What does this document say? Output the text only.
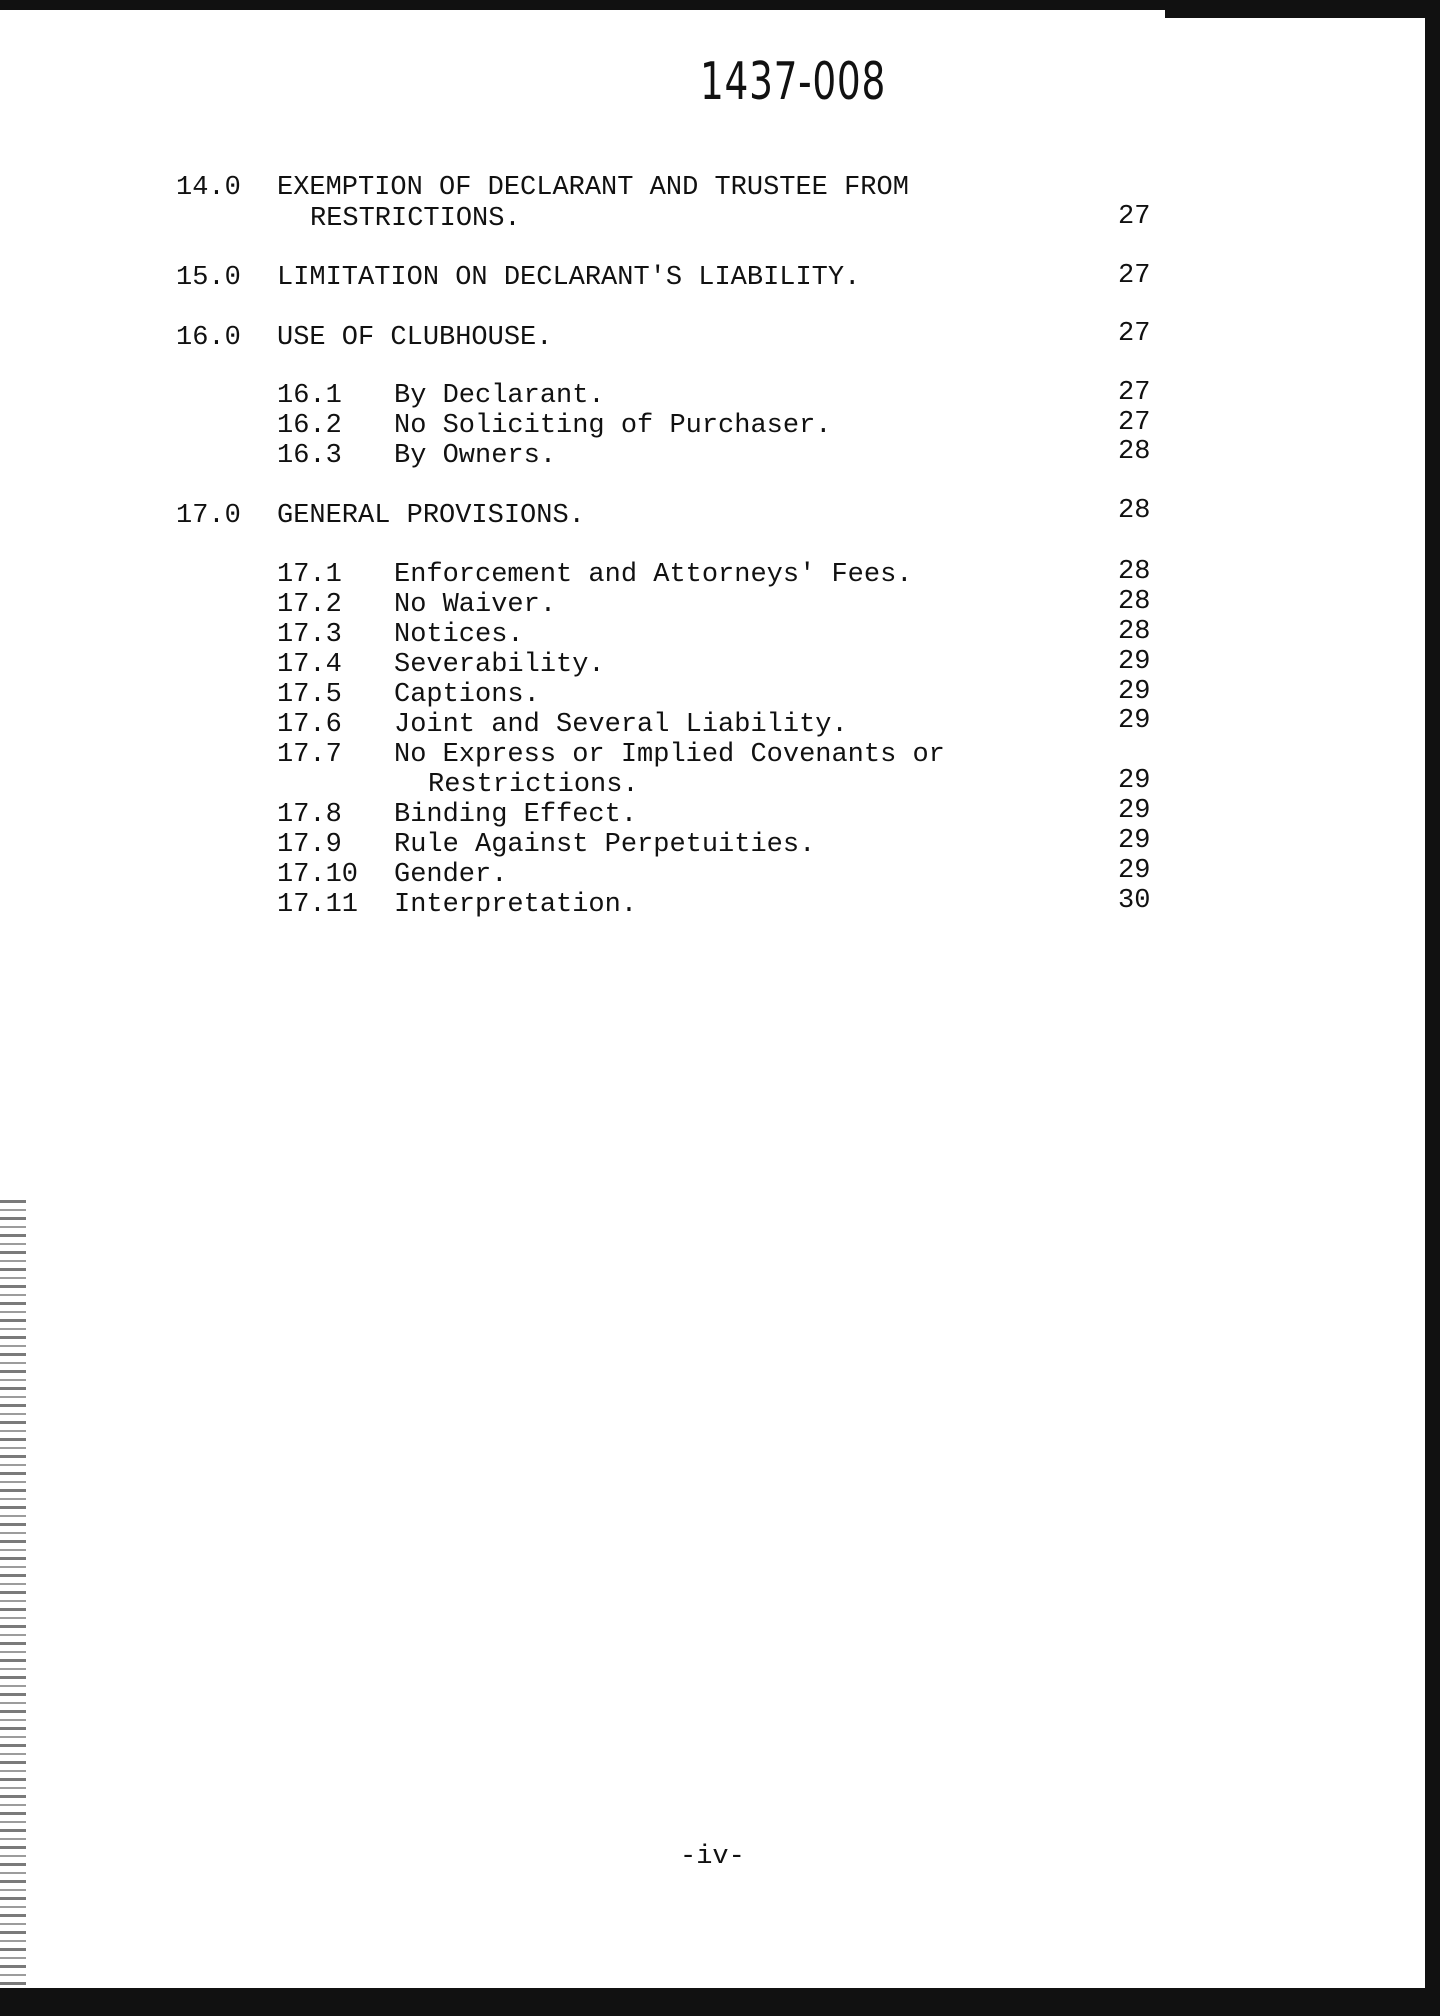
1437-008
14.0 EXEMPTION OF DECLARANT AND TRUSTEE FROM
RESTRICTIONS.	27
15.0 LIMITATION ON DECLARANT'S LIABILITY.	27
16.0 USE OF CLUBHOUSE.	27
16.1 By Declarant.	27
16.2 No Soliciting of Purchaser.	27
16.3 By Owners.	28
17.0 GENERAL PROVISIONS.	28
17.1 Enforcement and Attorneys' Fees.	28
17.2 No Waiver.	28
17.3 Notices.	28
17.4 Severability.	29
17.5 Captions.	29
17.6 Joint and Several Liability.	29
17.7 No Express or Implied Covenants or
Restrictions.	29
17.8 Binding Effect.	29
17.9 Rule Against Perpetuities.	29
17.10 Gender.	29
17.11 Interpretation.	30
-iv-
